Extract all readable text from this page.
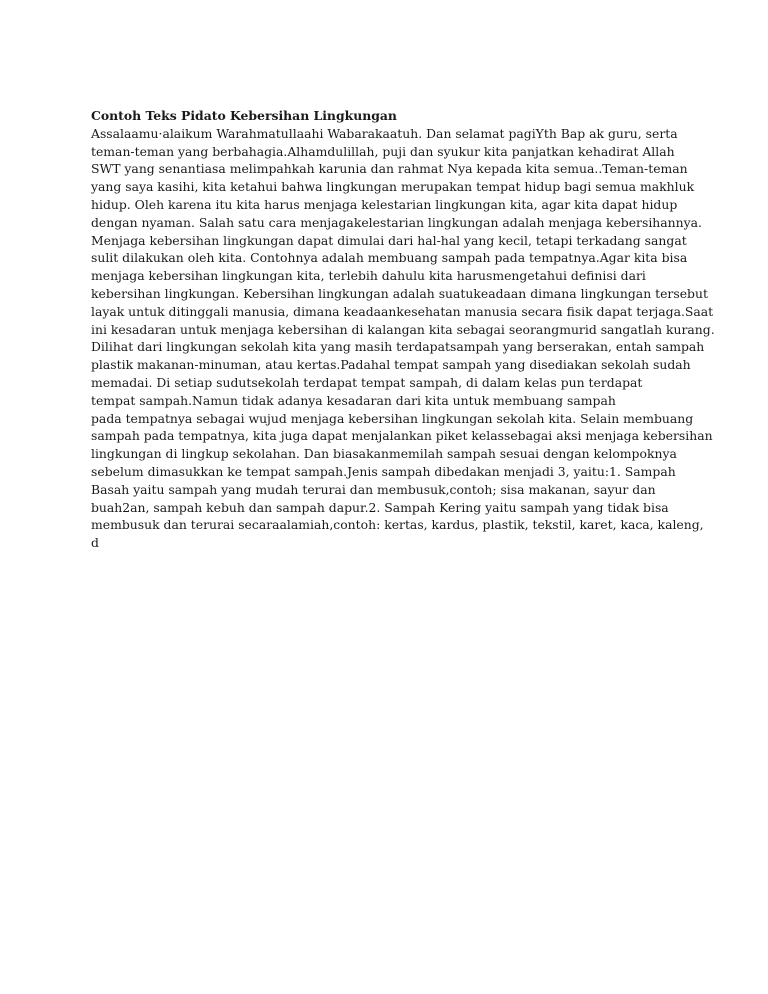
Contoh Teks Pidato Kebersihan Lingkungan
Assalaamu·alaikum Warahmatullaahi Wabarakaatuh. Dan selamat pagiYth Bap ak guru, serta
teman-teman yang berbahagia.Alhamdulillah, puji dan syukur kita panjatkan kehadirat Allah
SWT yang senantiasa melimpahkah karunia dan rahmat Nya kepada kita semua..Teman-teman
yang saya kasihi, kita ketahui bahwa lingkungan merupakan tempat hidup bagi semua makhluk
hidup. Oleh karena itu kita harus menjaga kelestarian lingkungan kita, agar kita dapat hidup
dengan nyaman. Salah satu cara menjagakelestarian lingkungan adalah menjaga kebersihannya.
Menjaga kebersihan lingkungan dapat dimulai dari hal-hal yang kecil, tetapi terkadang sangat
sulit dilakukan oleh kita. Contohnya adalah membuang sampah pada tempatnya.Agar kita bisa
menjaga kebersihan lingkungan kita, terlebih dahulu kita harusmengetahui definisi dari
kebersihan lingkungan. Kebersihan lingkungan adalah suatukeadaan dimana lingkungan tersebut
layak untuk ditinggali manusia, dimana keadaankesehatan manusia secara fisik dapat terjaga.Saat
ini kesadaran untuk menjaga kebersihan di kalangan kita sebagai seorangmurid sangatlah kurang.
Dilihat dari lingkungan sekolah kita yang masih terdapatsampah yang berserakan, entah sampah
plastik makanan-minuman, atau kertas.Padahal tempat sampah yang disediakan sekolah sudah
memadai. Di setiap sudutsekolah terdapat tempat sampah, di dalam kelas pun terdapat
tempat sampah.Namun tidak adanya kesadaran dari kita untuk membuang sampah
pada tempatnya sebagai wujud menjaga kebersihan lingkungan sekolah kita. Selain membuang
sampah pada tempatnya, kita juga dapat menjalankan piket kelassebagai aksi menjaga kebersihan
lingkungan di lingkup sekolahan. Dan biasakanmemilah sampah sesuai dengan kelompoknya
sebelum dimasukkan ke tempat sampah.Jenis sampah dibedakan menjadi 3, yaitu:1. Sampah
Basah yaitu sampah yang mudah terurai dan membusuk,contoh; sisa makanan, sayur dan
buah2an, sampah kebuh dan sampah dapur.2. Sampah Kering yaitu sampah yang tidak bisa
membusuk dan terurai secaraalamiah,contoh: kertas, kardus, plastik, tekstil, karet, kaca, kaleng,
d
